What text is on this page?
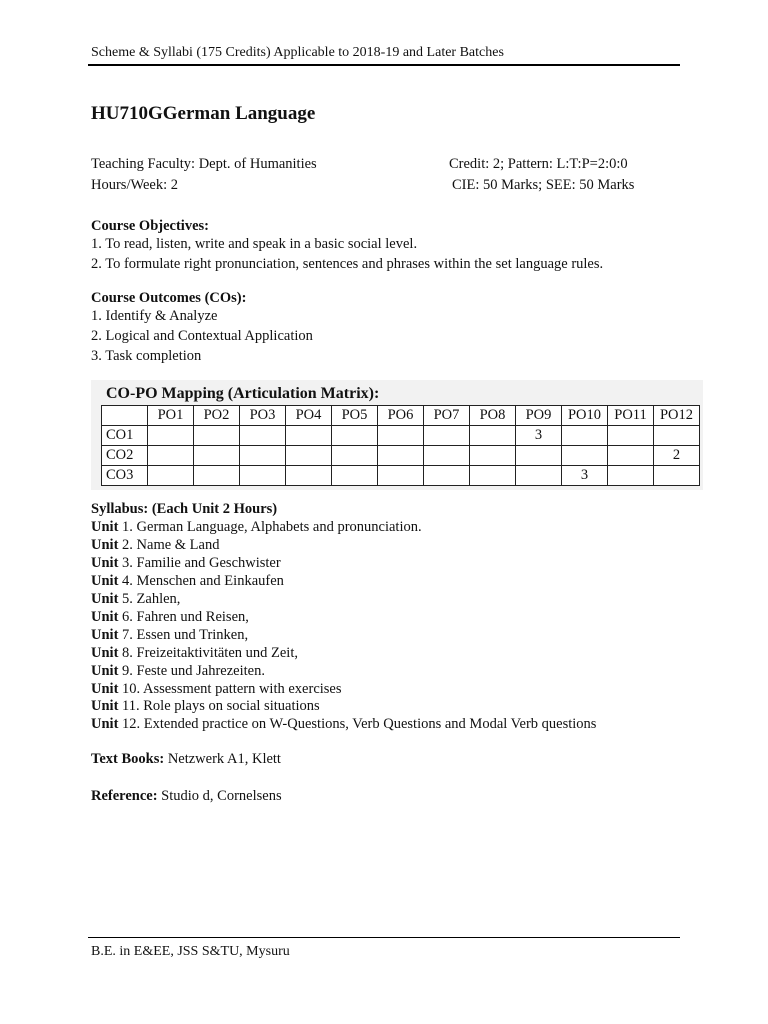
Scheme & Syllabi (175 Credits) Applicable to 2018-19 and Later Batches
HU710GGerman Language
Teaching Faculty: Dept. of Humanities
Hours/Week: 2
Credit: 2; Pattern: L:T:P=2:0:0
CIE: 50 Marks; SEE: 50 Marks
Course Objectives:
1. To read, listen, write and speak in a basic social level.
2. To formulate right pronunciation, sentences and phrases within the set language rules.
Course Outcomes (COs):
1. Identify & Analyze
2. Logical and Contextual Application
3. Task completion
CO-PO Mapping (Articulation Matrix):
	PO1	PO2	PO3	PO4	PO5	PO6	PO7	PO8	PO9	PO10	PO11	PO12
CO1									3			
CO2												2
CO3										3		
Syllabus: (Each Unit 2 Hours)
Unit 1. German Language, Alphabets and pronunciation.
Unit 2. Name & Land
Unit 3. Familie and Geschwister
Unit 4. Menschen and Einkaufen
Unit 5. Zahlen,
Unit 6. Fahren und Reisen,
Unit 7. Essen und Trinken,
Unit 8. Freizeitaktivitäten und Zeit,
Unit 9. Feste und Jahrezeiten.
Unit 10. Assessment pattern with exercises
Unit 11. Role plays on social situations
Unit 12. Extended practice on W-Questions, Verb Questions and Modal Verb questions
Text Books: Netzwerk A1, Klett
Reference: Studio d, Cornelsens
B.E. in E&EE, JSS S&TU, Mysuru
